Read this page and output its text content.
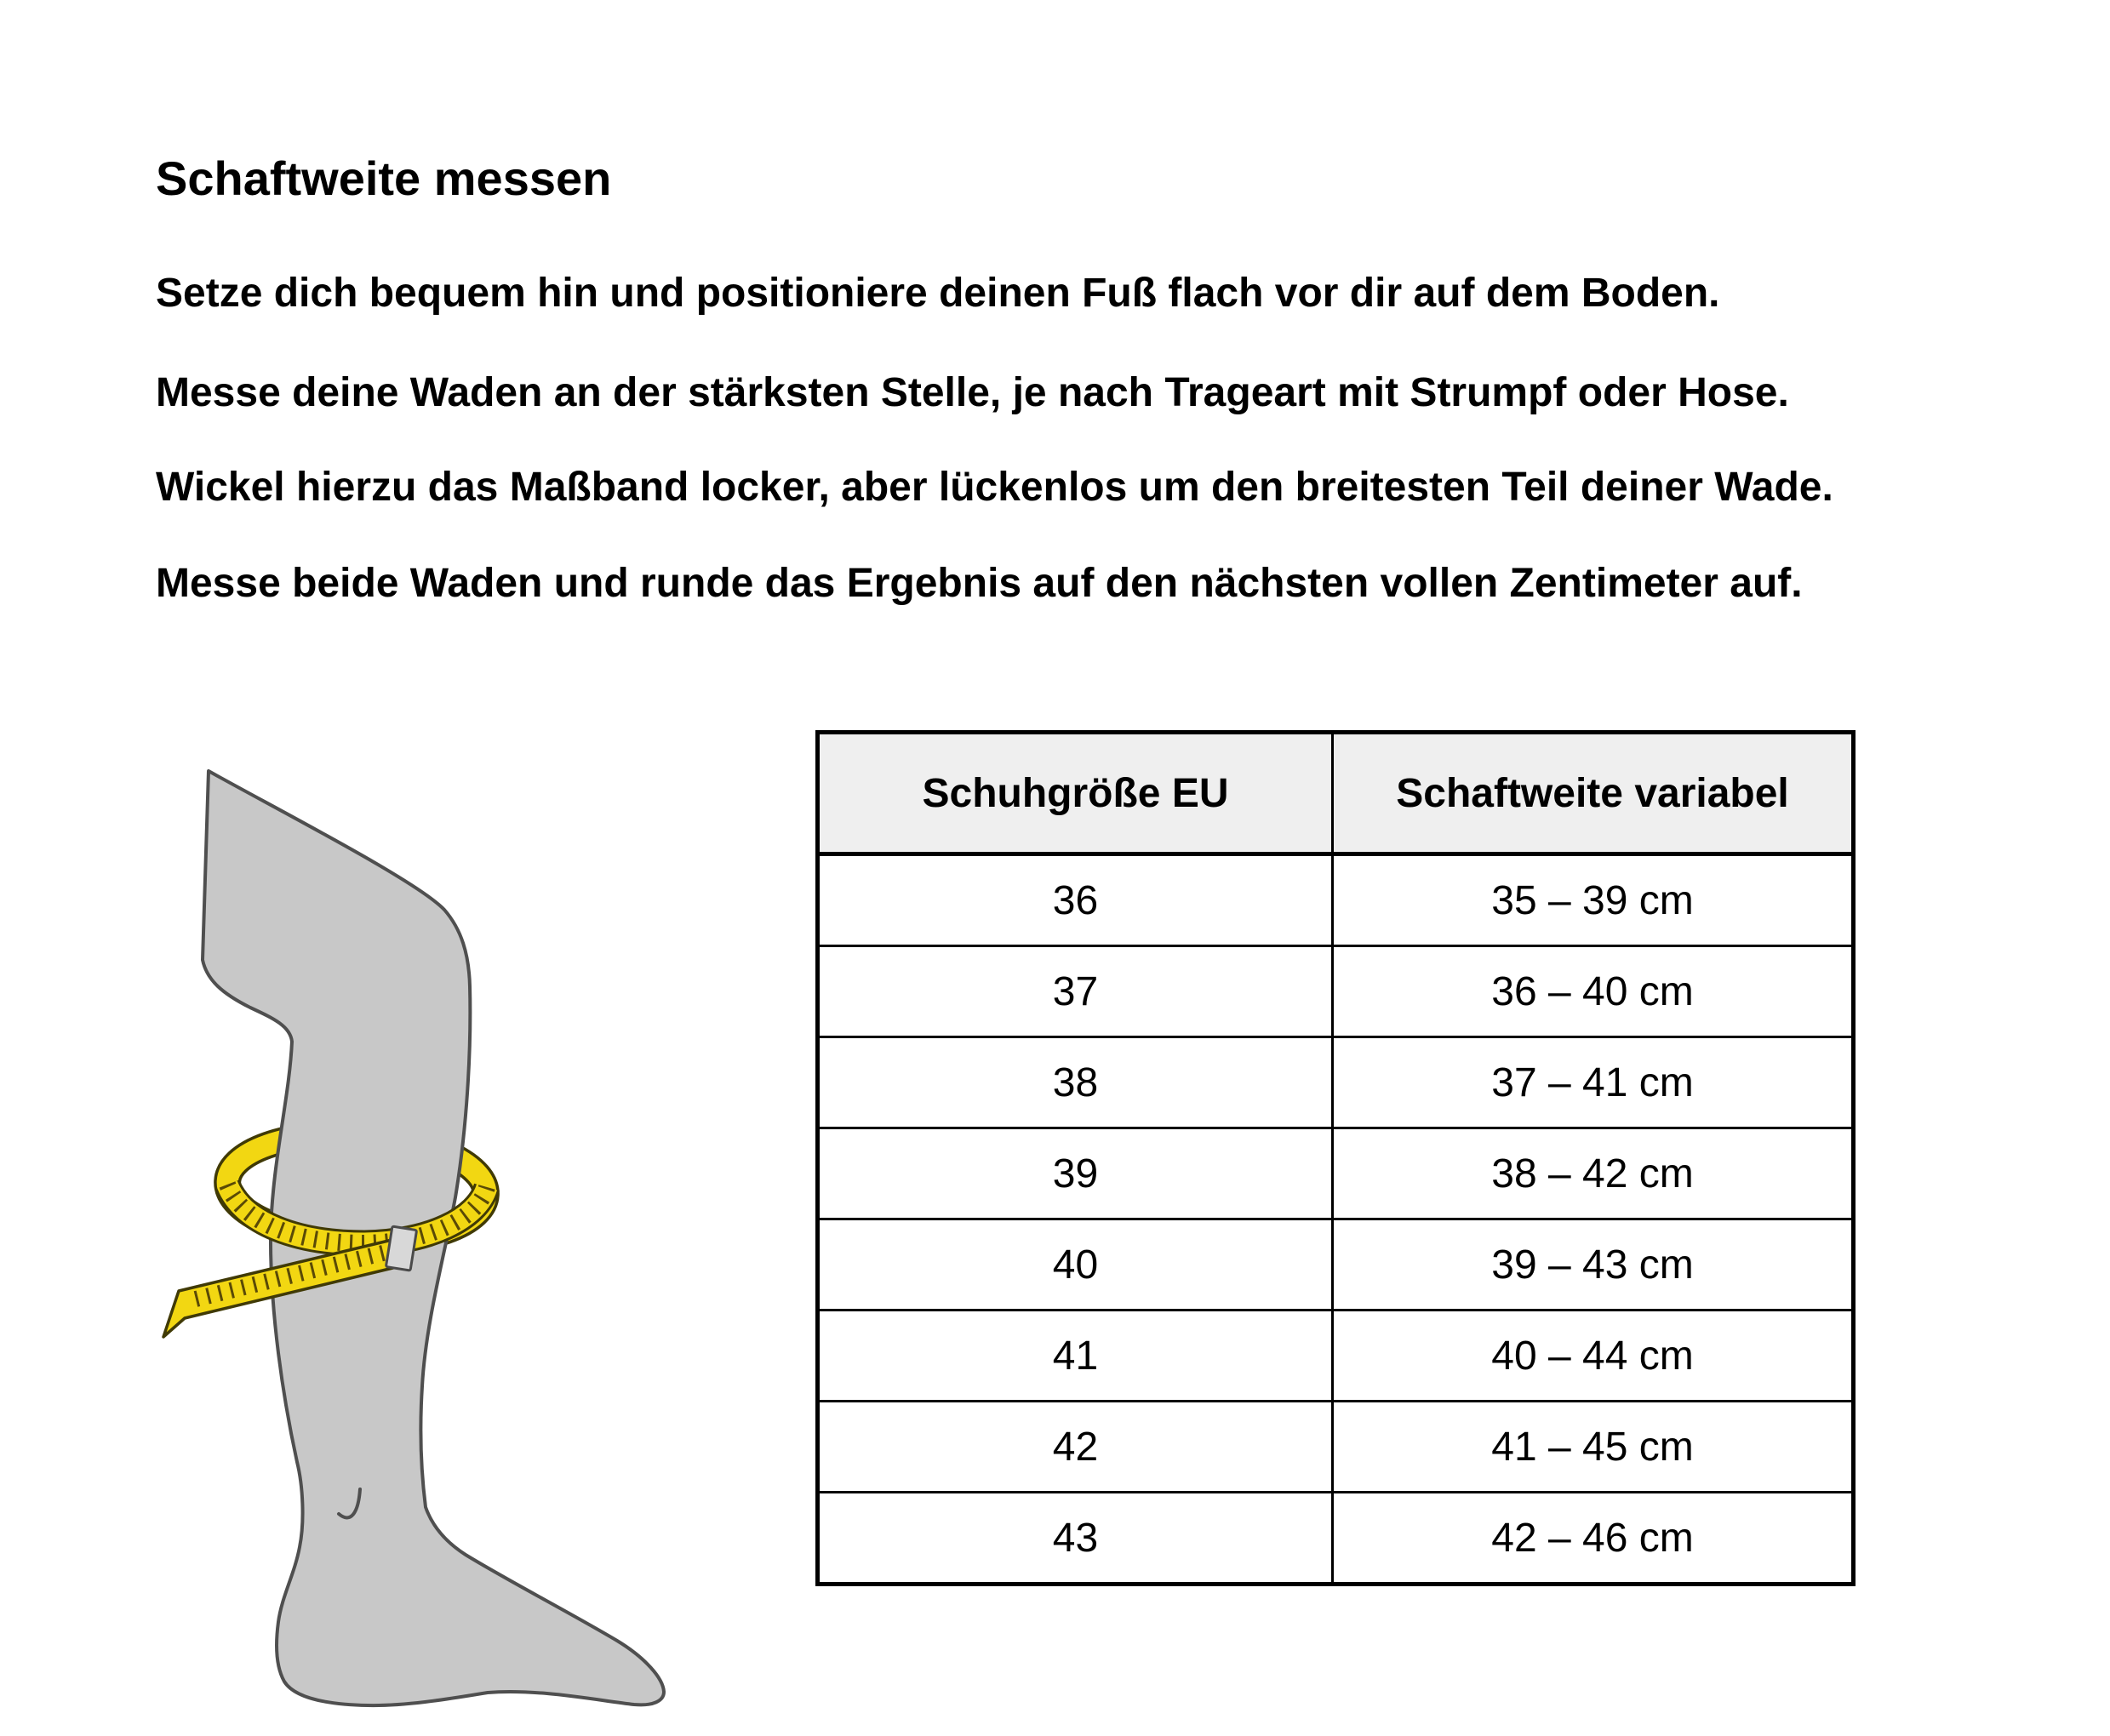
Schaftweite messen

Setze dich bequem hin und positioniere deinen Fuß flach vor dir auf dem Boden.

Messe deine Waden an der stärksten Stelle, je nach Trageart mit Strumpf oder Hose.

Wickel hierzu das Maßband locker, aber lückenlos um den breitesten Teil deiner Wade.

Messe beide Waden und runde das Ergebnis auf den nächsten vollen Zentimeter auf.

Schuhgröße EU	Schaftweite variabel
36	35 – 39 cm
37	36 – 40 cm
38	37 – 41 cm
39	38 – 42 cm
40	39 – 43 cm
41	40 – 44 cm
42	41 – 45 cm
43	42 – 46 cm
